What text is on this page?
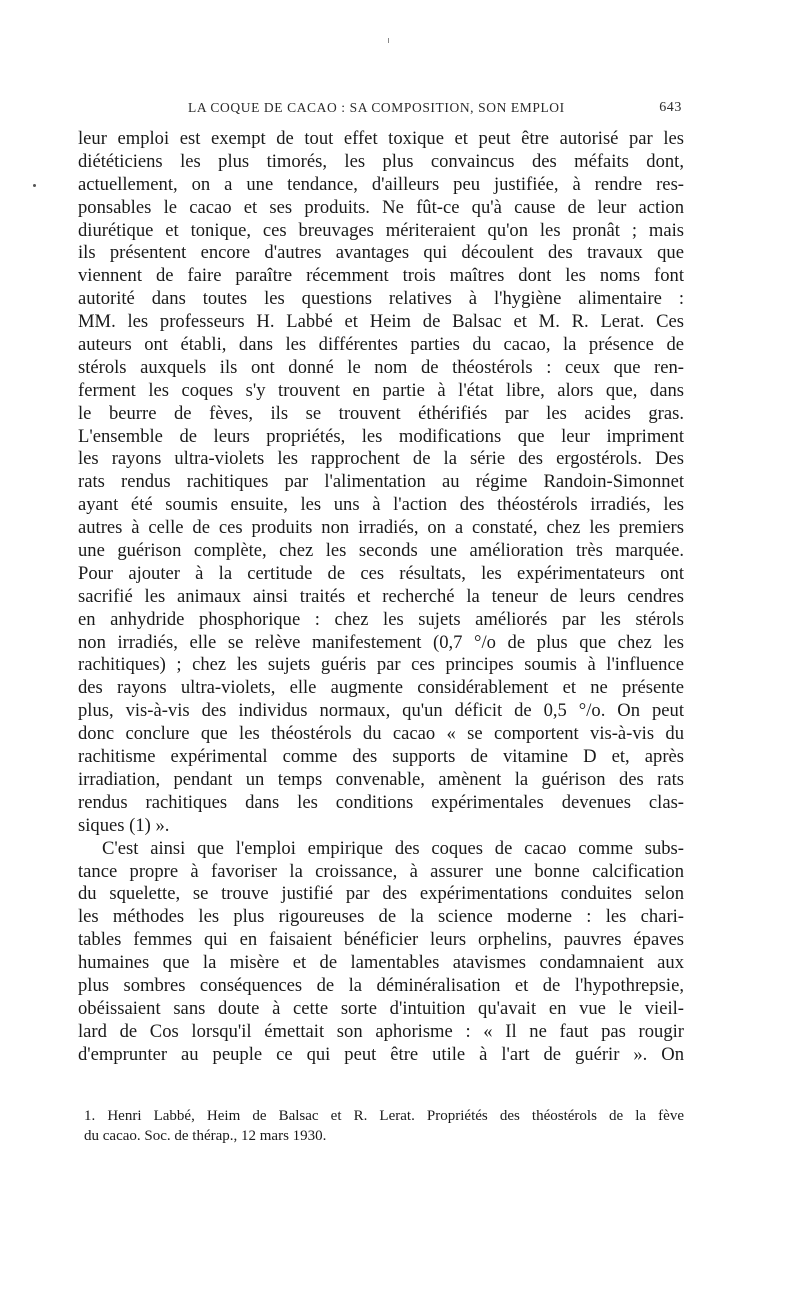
LA COQUE DE CACAO : SA COMPOSITION, SON EMPLOI	643
leur emploi est exempt de tout effet toxique et peut être autorisé par les
diététiciens les plus timorés, les plus convaincus des méfaits dont,
actuellement, on a une tendance, d'ailleurs peu justifiée, à rendre res-
ponsables le cacao et ses produits. Ne fût-ce qu'à cause de leur action
diurétique et tonique, ces breuvages mériteraient qu'on les pronât ; mais
ils présentent encore d'autres avantages qui découlent des travaux que
viennent de faire paraître récemment trois maîtres dont les noms font
autorité dans toutes les questions relatives à l'hygiène alimentaire :
MM. les professeurs H. Labbé et Heim de Balsac et M. R. Lerat. Ces
auteurs ont établi, dans les différentes parties du cacao, la présence de
stérols auxquels ils ont donné le nom de théostérols : ceux que ren-
ferment les coques s'y trouvent en partie à l'état libre, alors que, dans
le beurre de fèves, ils se trouvent éthérifiés par les acides gras.
L'ensemble de leurs propriétés, les modifications que leur impriment
les rayons ultra-violets les rapprochent de la série des ergostérols. Des
rats rendus rachitiques par l'alimentation au régime Randoin-Simonnet
ayant été soumis ensuite, les uns à l'action des théostérols irradiés, les
autres à celle de ces produits non irradiés, on a constaté, chez les premiers
une guérison complète, chez les seconds une amélioration très marquée.
Pour ajouter à la certitude de ces résultats, les expérimentateurs ont
sacrifié les animaux ainsi traités et recherché la teneur de leurs cendres
en anhydride phosphorique : chez les sujets améliorés par les stérols
non irradiés, elle se relève manifestement (0,7 °/o de plus que chez les
rachitiques) ; chez les sujets guéris par ces principes soumis à l'influence
des rayons ultra-violets, elle augmente considérablement et ne présente
plus, vis-à-vis des individus normaux, qu'un déficit de 0,5 °/o. On peut
donc conclure que les théostérols du cacao « se comportent vis-à-vis du
rachitisme expérimental comme des supports de vitamine D et, après
irradiation, pendant un temps convenable, amènent la guérison des rats
rendus rachitiques dans les conditions expérimentales devenues clas-
siques (1) ».
C'est ainsi que l'emploi empirique des coques de cacao comme subs-
tance propre à favoriser la croissance, à assurer une bonne calcification
du squelette, se trouve justifié par des expérimentations conduites selon
les méthodes les plus rigoureuses de la science moderne : les chari-
tables femmes qui en faisaient bénéficier leurs orphelins, pauvres épaves
humaines que la misère et de lamentables atavismes condamnaient aux
plus sombres conséquences de la déminéralisation et de l'hypothrepsie,
obéissaient sans doute à cette sorte d'intuition qu'avait en vue le vieil-
lard de Cos lorsqu'il émettait son aphorisme : « Il ne faut pas rougir
d'emprunter au peuple ce qui peut être utile à l'art de guérir ». On
1. Henri Labbé, Heim de Balsac et R. Lerat. Propriétés des théostérols de la fève
du cacao. Soc. de thérap., 12 mars 1930.
